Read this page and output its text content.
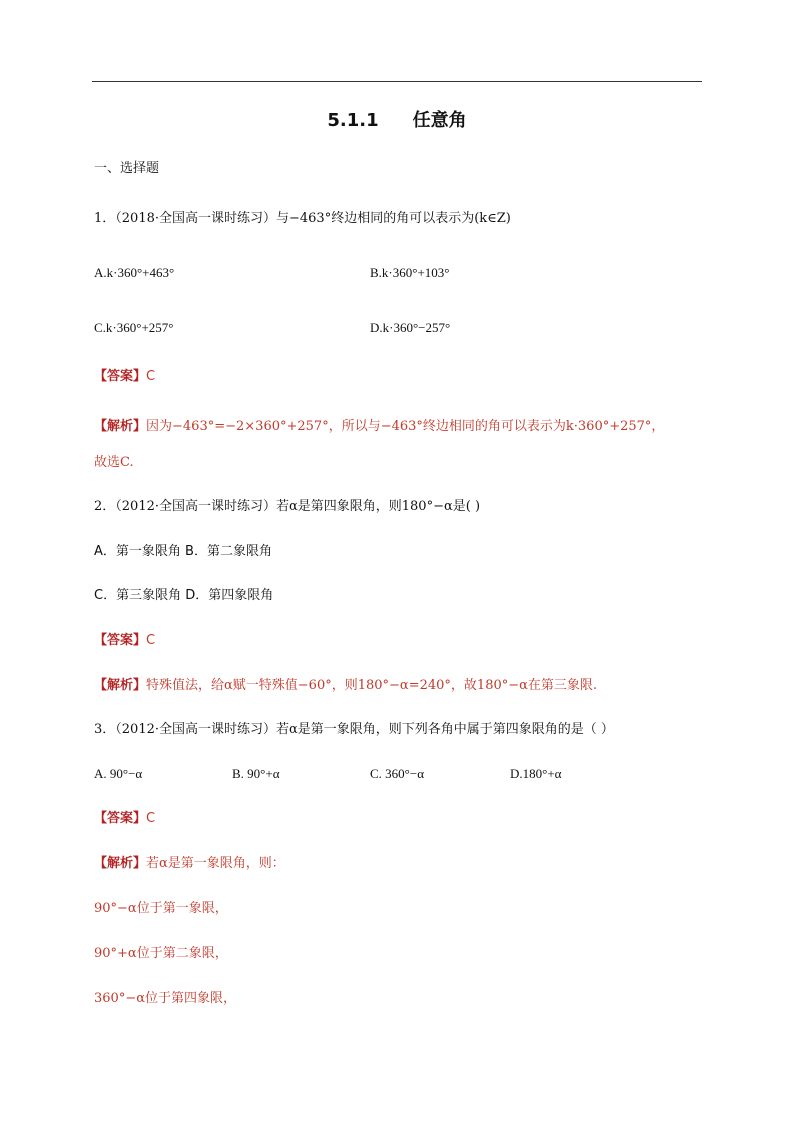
5.1.1 任意角
一、选择题
1．（2018·全国高一课时练习）与−463°终边相同的角可以表示为(k∈Z)
A.k·360°+463°	B.k·360°+103°
C.k·360°+257°	D.k·360°−257°
【答案】C
【解析】因为−463°=−2×360°+257°，所以与−463°终边相同的角可以表示为k·360°+257°，
故选C.
2．（2012·全国高一课时练习）若α是第四象限角，则180°−α是( )
A．第一象限角 B．第二象限角
C．第三象限角 D．第四象限角
【答案】C
【解析】特殊值法，给α赋一特殊值−60°，则180°−α=240°，故180°−α在第三象限.
3．（2012·全国高一课时练习）若α是第一象限角，则下列各角中属于第四象限角的是（ ）
A. 90°−α	B. 90°+α	C. 360°−α	D.180°+α
【答案】C
【解析】若α是第一象限角，则：
90°−α位于第一象限，
90°+α位于第二象限，
360°−α位于第四象限，
